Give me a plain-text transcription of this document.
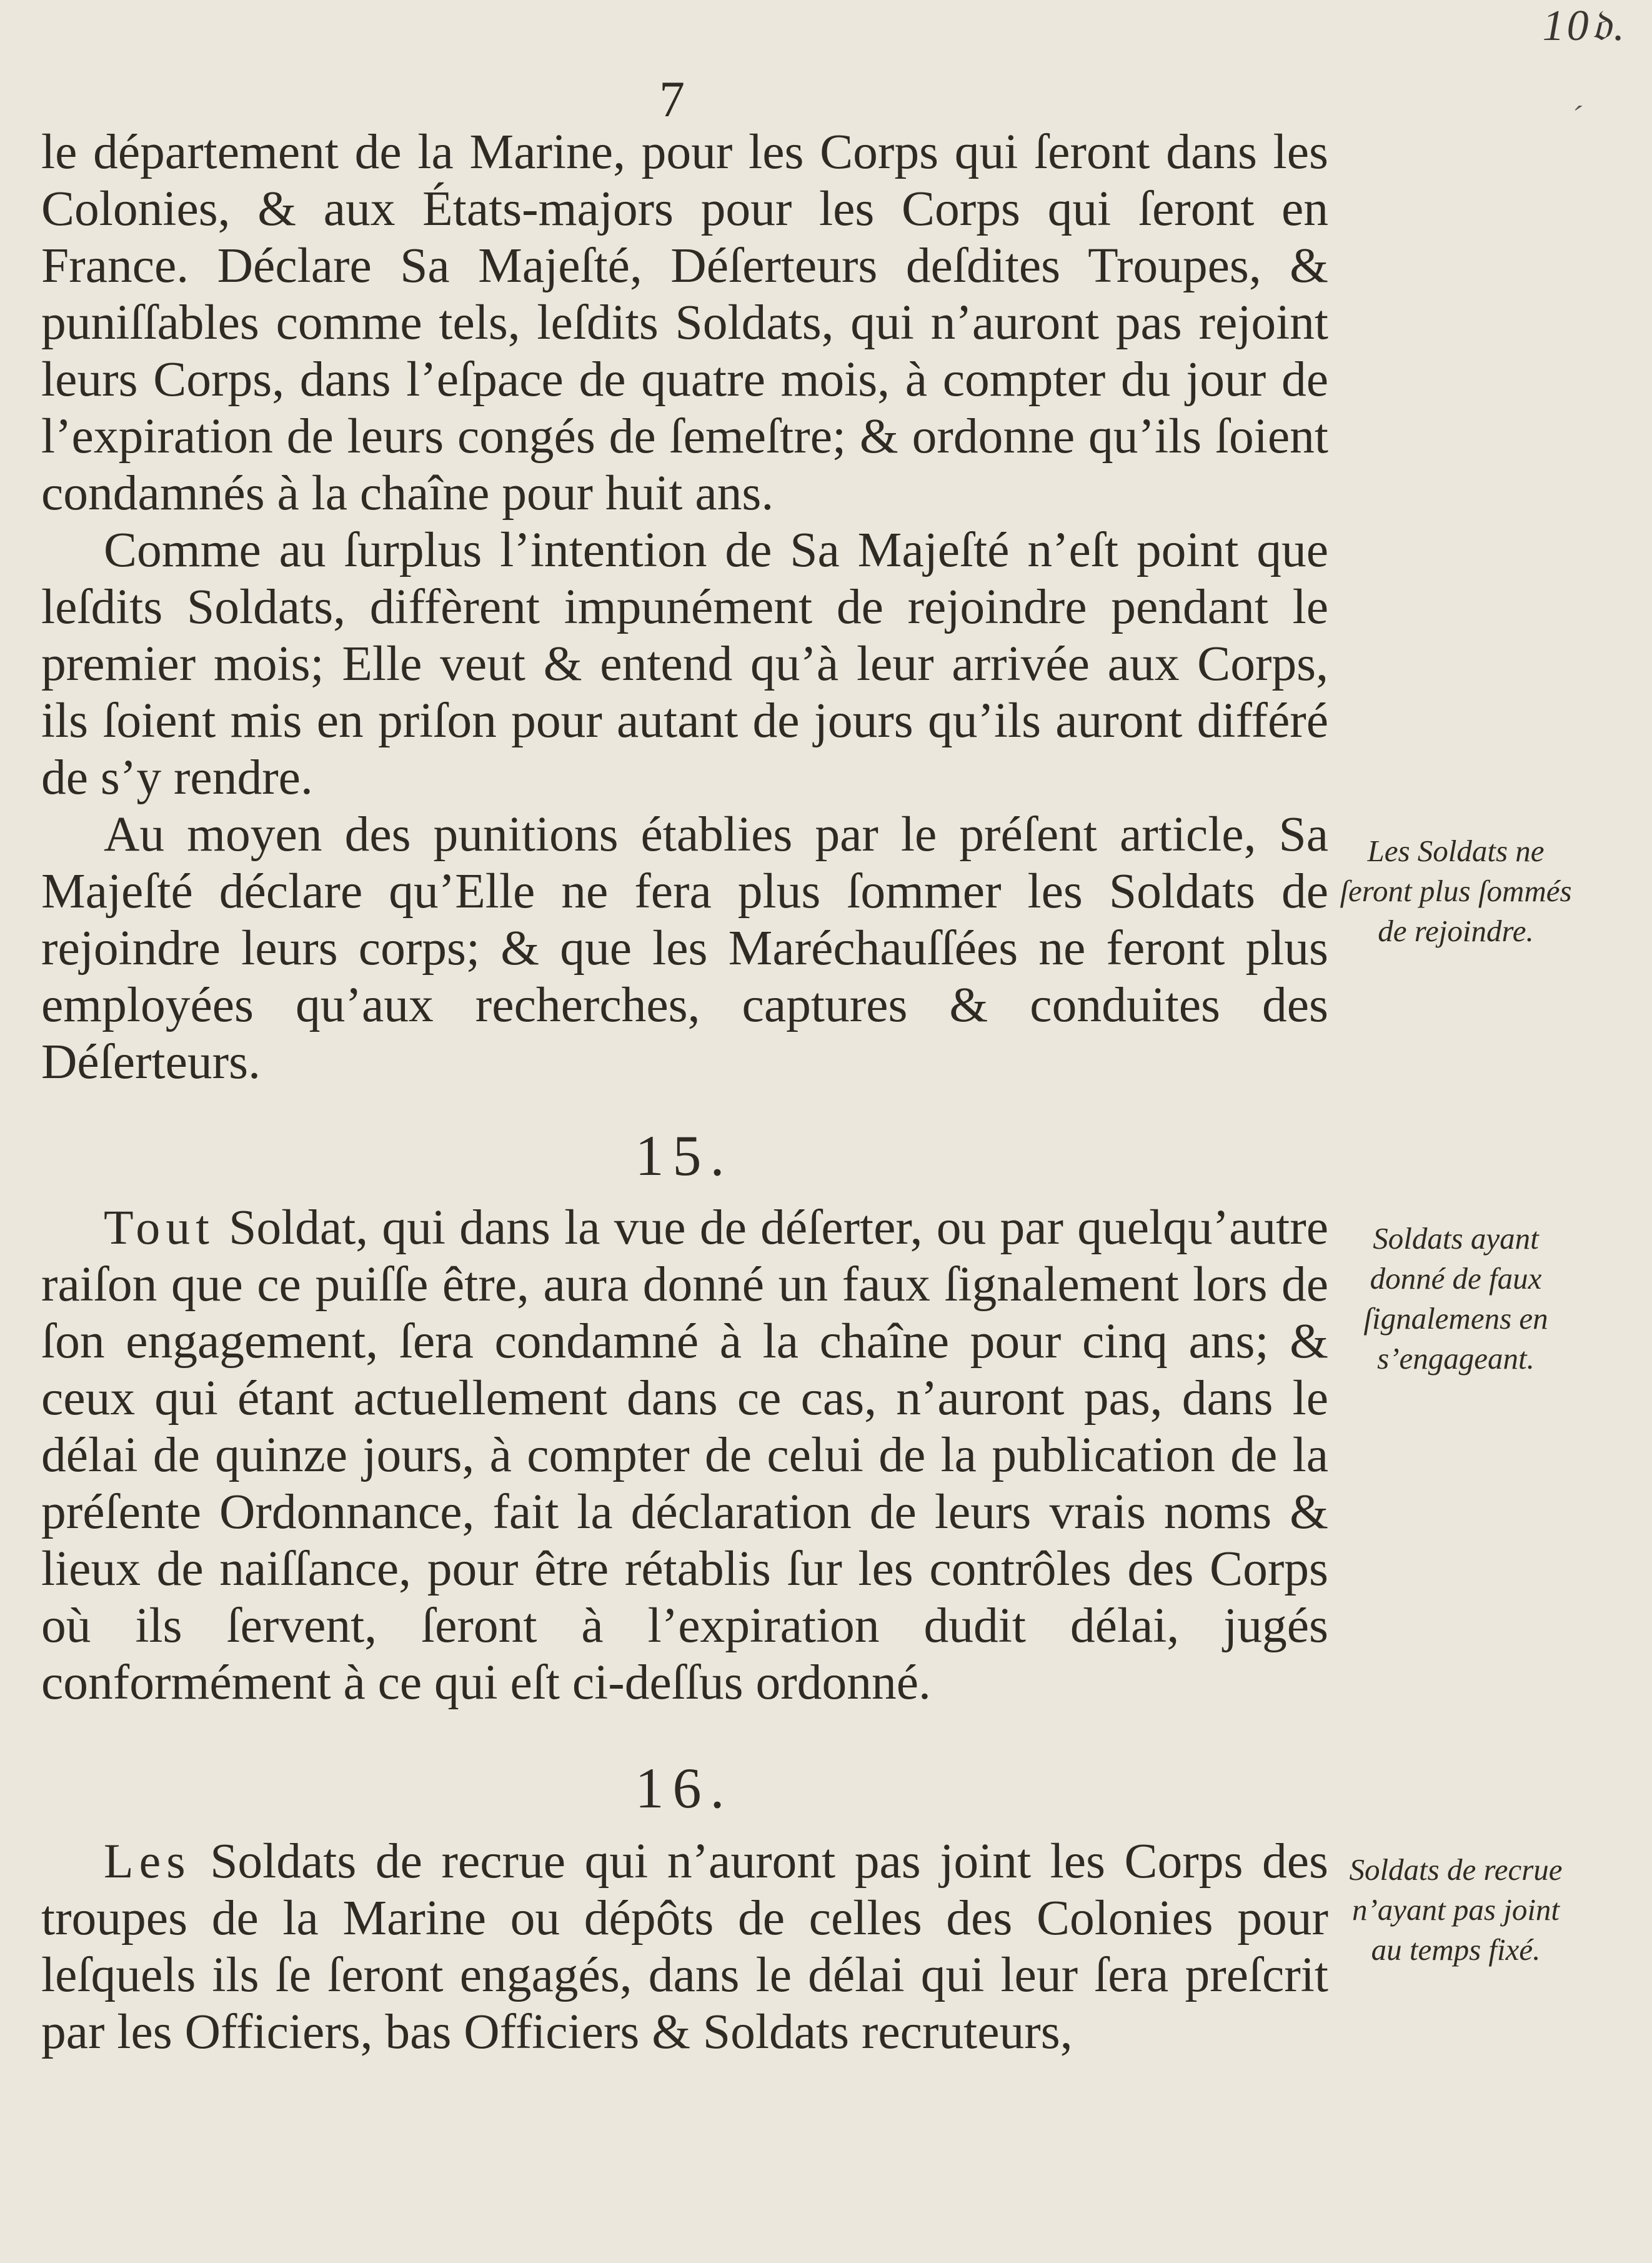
10𝔡.
ˏ
7

le département de la Marine, pour les Corps qui ſeront dans les Colonies, & aux États-majors pour les Corps qui ſeront en France. Déclare Sa Majeſté, Déſerteurs deſdites Troupes, & puniſſables comme tels, leſdits Soldats, qui n’auront pas rejoint leurs Corps, dans l’eſpace de quatre mois, à compter du jour de l’expiration de leurs congés de ſemeſtre; & ordonne qu’ils ſoient condamnés à la chaîne pour huit ans.

Comme au ſurplus l’intention de Sa Majeſté n’eſt point que leſdits Soldats, diffèrent impunément de rejoindre pendant le premier mois; Elle veut & entend qu’à leur arrivée aux Corps, ils ſoient mis en priſon pour autant de jours qu’ils auront différé de s’y rendre.

Au moyen des punitions établies par le préſent article, Sa Majeſté déclare qu’Elle ne fera plus ſommer les Soldats de rejoindre leurs corps; & que les Maréchauſſées ne feront plus employées qu’aux recherches, captures & conduites des Déſerteurs.

15.

Tout Soldat, qui dans la vue de déſerter, ou par quelqu’autre raiſon que ce puiſſe être, aura donné un faux ſignalement lors de ſon engagement, ſera condamné à la chaîne pour cinq ans; & ceux qui étant actuellement dans ce cas, n’auront pas, dans le délai de quinze jours, à compter de celui de la publication de la préſente Ordonnance, fait la déclaration de leurs vrais noms & lieux de naiſſance, pour être rétablis ſur les contrôles des Corps où ils ſervent, ſeront à l’expiration dudit délai, jugés conformément à ce qui eſt ci-deſſus ordonné.

16.

Les Soldats de recrue qui n’auront pas joint les Corps des troupes de la Marine ou dépôts de celles des Colonies pour leſquels ils ſe ſeront engagés, dans le délai qui leur ſera preſcrit par les Officiers, bas Officiers & Soldats recruteurs,

Les Soldats ne ſeront plus ſommés de rejoindre.
Soldats ayant donné de faux ſignalemens en s’engageant.
Soldats de recrue n’ayant pas joint au temps fixé.
